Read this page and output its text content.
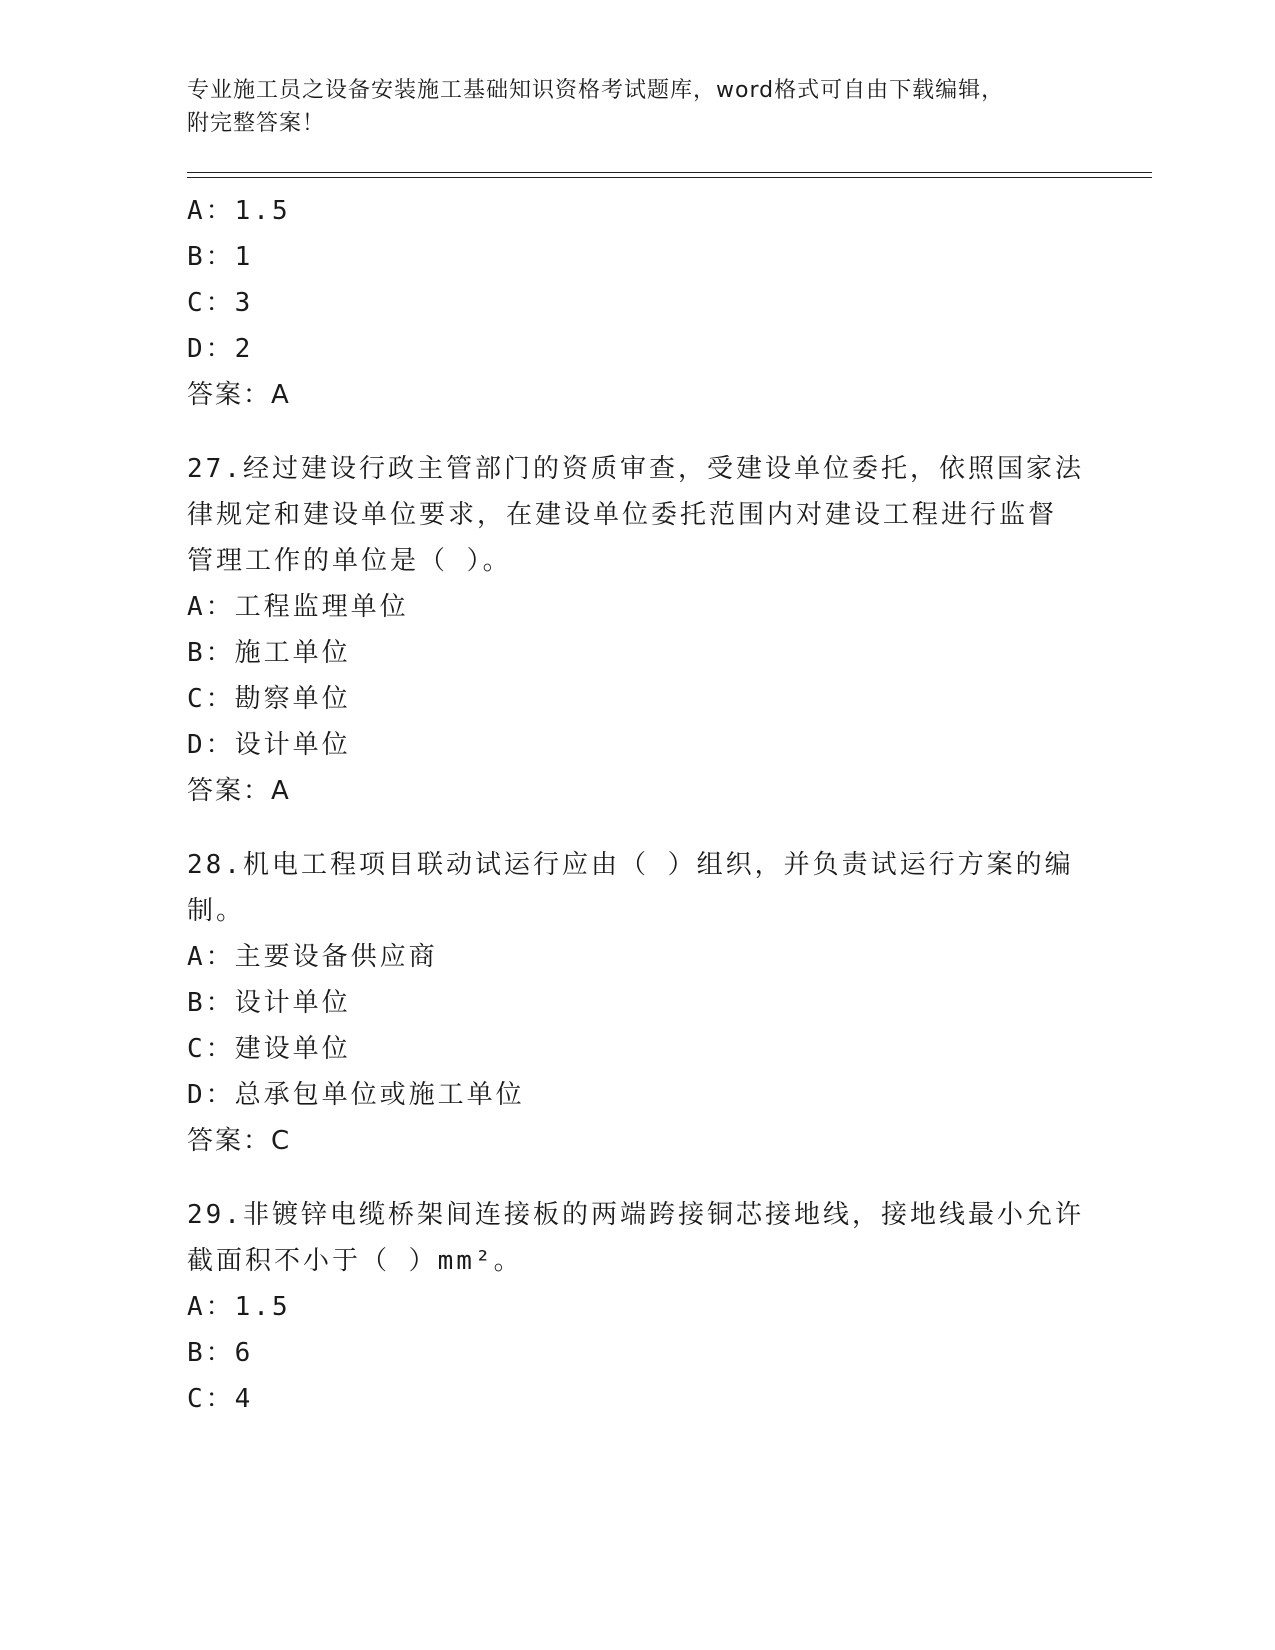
专业施工员之设备安装施工基础知识资格考试题库，word格式可自由下载编辑，
附完整答案！
A：1.5
B：1
C：3
D：2
答案：A
27.经过建设行政主管部门的资质审查，受建设单位委托，依照国家法
律规定和建设单位要求，在建设单位委托范围内对建设工程进行监督
管理工作的单位是（ ）。
A：工程监理单位
B：施工单位
C：勘察单位
D：设计单位
答案：A
28.机电工程项目联动试运行应由（ ）组织，并负责试运行方案的编
制。
A：主要设备供应商
B：设计单位
C：建设单位
D：总承包单位或施工单位
答案：C
29.非镀锌电缆桥架间连接板的两端跨接铜芯接地线，接地线最小允许
截面积不小于（ ）mm²。
A：1.5
B：6
C：4
